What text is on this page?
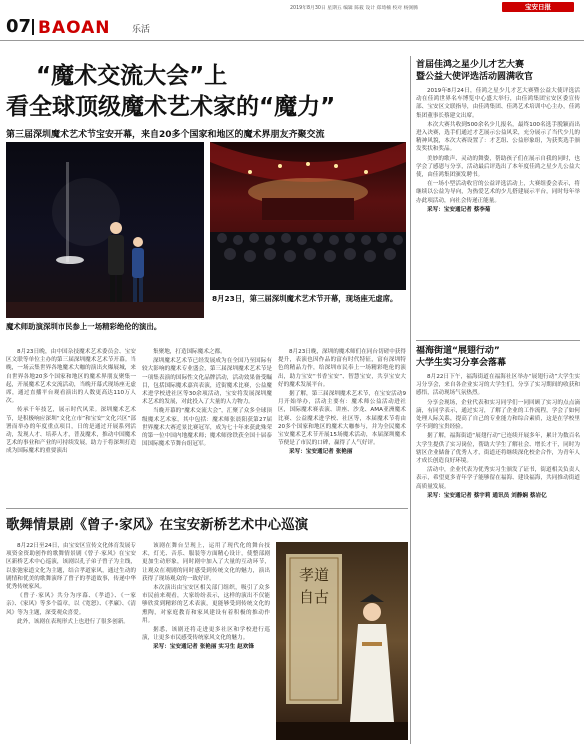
2019年8月30日 星期五 编辑 陈筱 设计 郑琦楠 校对 杨弼腾	宝安日报
07 BAOAN 乐活
“魔术交流大会”上
看全球顶级魔术艺术家的“魔力”
第三届深圳魔术艺术节宝安开幕，来自20多个国家和地区的魔术界朋友齐聚交流
魔术师助演深圳市民参上一场精彩绝伦的演出。
8月23日，第三届深圳魔术艺术节开幕，现场座无虚席。

8月23日晚，由中国杂技魔术艺术委员会、宝安区文联等单位主办的第三届深圳魔术艺术节开幕。当晚，一场云集世界各地魔术大咖的演出火爆展城，来自世界各地20多个国家和地区的魔术界朋友聚集一起，开展魔术艺术交流活动，当晚开幕式现场座无虚席，通过直播平台观看演出的人数更高达110万人次。

传承千年技艺，展示时代风采。深圳魔术艺术节，是积极响应深圳“文化立市”和宝安“文化兴区”部署而举办的年度重点项目，日的是通过开展系列活动，发现人才、培养人才，普及魔术，推动中国魔术艺术的事业和产业的可持续发展，助力于将深圳打造成为国际魔术的重要演出

集聚地，打造国际魔术之都。

深圳魔术艺术节已经发展成为在全国乃至国际有较大影响的魔术专业盛会，第三届深圳魔术艺术节是一项集表演的国际性文化品牌活动，活动效果备受瞩目，包括国际魔术嘉宾表演，近街魔术比赛，公益魔术进学校进社区等30余项活动，宝安将发展深圳魔术艺术的发展，对此投入了大量的人力物力。

当晚开幕的“魔术交流大会”，汇聚了众多全球顶级魔术艺术家，其中包括：魔术师张晨阳获第27届世界魔术大赛近景比赛冠军，成为七十年来获此殊荣的第一位中国内地魔术师；魔术师徐铁获全国十届泰国国际魔术节舞台组冠军。

8月23日晚，深圳的魔术师们在同台切磋中获得提升，表演也因作品的富有时代特征，富有深圳特色的精品力作，给深圳市民奉上一场精彩绝伦的演出，助力宝安“书香宝安”、智慧宝安，共享宝安大好的魔术发展平台。

据了解，第三届深圳魔术艺术节，在宝安活动9月开始举办，活动主要有：魔术师公益活动进社区，国际魔术赛表演、讲座、沙龙、AMA亚洲魔术比赛、公益魔术进学校、社区等，本届魔术节将由20多个国家和地区的魔术大咖参与，并为全民魔术宝安魔术艺术节开展15场魔术活动，本届深圳魔术节便是了市民的口碑，赢得了人气好评。

采写：宝安通记者 张艳丽

首届佳鸿之星少儿才艺大赛
暨公益大使评选活动圆满收官

2019年8月24日，佳鸿之星少儿才艺大赛暨公益大使评选活动在佳鸿世界名车博览中心盛大举行，由佳鸿集团宝安区委宣传部、宝安区文联指导，由佳鸿集团、佳鸿艺术培训中心主办，佳鸿集团董事长蔡建文出席。

本次大赛共收到500余名少儿报名，最终100名选手脱颖而出进入决赛，选手们通过才艺展示公益风采，充分展示了当代少儿的精神风貌，本次大赛设置了：才艺组、公益形象组，为获奖选手颁发奖状和奖品。

美妙的歌声、灵动的舞姿，帮助孩子们在展示自我的同时，也学会了感恩与分享，活动最后评选出了本年度佳鸿之星少儿公益大使，由佳鸿集团颁发聘书。

在一场小型活动收官的公益评选活动上，大赛组委会表示，将继续以公益为导向，为热爱艺术的少儿搭建展示平台，同时每年举办此项活动，向社会传递正能量。

采写：宝安通记者 蔡李菊

福海街道“展翅行动”
大学生实习分享会落幕

8月22日下午，福海街道在福海社区举办“展翅行动”大学生实习分享会，来自各企业实习的大学生们，分享了实习期间的收获和感悟，活动现场气氛热烈。

分享会现场，企业代表和实习同学们一同回顾了实习的点点滴滴，有同学表示，通过实习，了解了企业的工作流程，学会了如何处理人际关系，提高了自己的专业能力和综合素质，这是在学校里学不到的宝贵经验。

据了解，福海街道“展翅行动”已连续开展多年，累计为数百名大学生提供了实习岗位，帮助大学生了解社会、增长才干，同时为辖区企业储备了优秀人才，街道还将继续深化校企合作，为青年人才成长创造良好环境。

活动中，企业代表为优秀实习生颁发了证书，街道相关负责人表示，希望更多青年学子能够留在福海、建设福海，共同推动街道高质量发展。

采写：宝安通记者 蔡宇莉 通讯员 刘静娴 蔡岩亿

歌舞情景剧《曾子·家风》在宝安新桥艺术中心巡演

8月22日至24日，由宝安区宣传文化体育发展专项资金资助创作的歌舞情景剧《曾子·家风》在宝安区新桥艺术中心巡演，该剧以孔子弟子曾子为主线，以张弛家道文化为主题，结合孝道家风，通过生动的剧情和优美的歌舞演绎了曾子的孝道故事，传递中华优秀传统家风。

《曾子·家风》共分为序幕、《孝道》、《一家亲》、《家风》等多个篇章，以《宽恕》、《孝廉》、《清风》等为主题，深受观众喜爱。

此外，该剧在表现形式上也进行了很多创新。

该剧在舞台呈现上，运用了现代化的舞台技术，灯光、音乐、服装等方面精心设计，使整部剧更加生动形象，同时剧中加入了大量的互动环节，让观众在观剧的同时感受到传统文化的魅力，演出获得了现场观众的一致好评。

本次演出由宝安区相关部门组织，吸引了众多市民前来观看，大家纷纷表示，这样的演出不仅能够欣赏到精彩的艺术表演，更能够受到传统文化的熏陶，对家庭教育和家风建设有着积极的推动作用。

据悉，该剧还将走进更多社区和学校进行巡演，让更多市民感受传统家风文化的魅力。

采写：宝安通记者 张艳丽 实习生 赵欢锋

孝道自古
